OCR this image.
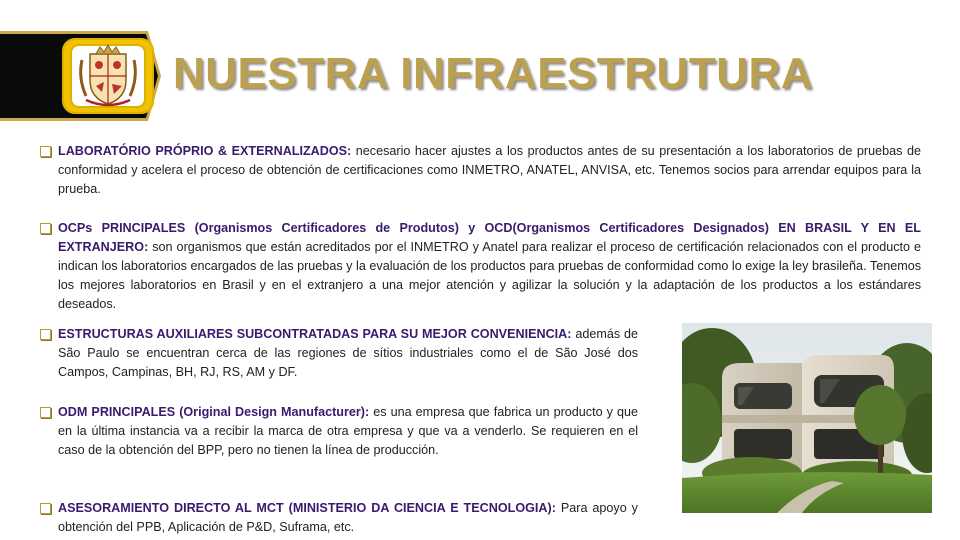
NUESTRA INFRAESTRUTURA
LABORATÓRIO PRÓPRIO & EXTERNALIZADOS: necesario hacer ajustes a los productos antes de su presentación a los laboratorios de pruebas de conformidad y acelera el proceso de obtención de certificaciones como INMETRO, ANATEL, ANVISA, etc. Tenemos socios para arrendar equipos para la prueba.
OCPs PRINCIPALES (Organismos Certificadores de Produtos) y OCD(Organismos Certificadores Designados) EN BRASIL Y EN EL EXTRANJERO: son organismos que están acreditados por el INMETRO y Anatel para realizar el proceso de certificación relacionados con el producto e indican los laboratorios encargados de las pruebas y la evaluación de los productos para pruebas de conformidad como lo exige la ley brasileña. Tenemos los mejores laboratorios en Brasil y en el extranjero a una mejor atención y agilizar la solución y la adaptación de los productos a los estándares deseados.
ESTRUCTURAS AUXILIARES SUBCONTRATADAS PARA SU MEJOR CONVENIENCIA: además de São Paulo se encuentran cerca de las regiones de sítios industriales como el de São José dos Campos, Campinas, BH, RJ, RS, AM y DF.
ODM PRINCIPALES (Original Design Manufacturer): es una empresa que fabrica un producto y que en la última instancia va a recibir la marca de otra empresa y que va a venderlo. Se requieren en el caso de la obtención del BPP, pero no tienen la línea de producción.
ASESORAMIENTO DIRECTO AL MCT (MINISTERIO DA CIENCIA E TECNOLOGIA): Para apoyo y obtención del PPB, Aplicación de P&D, Suframa, etc.
